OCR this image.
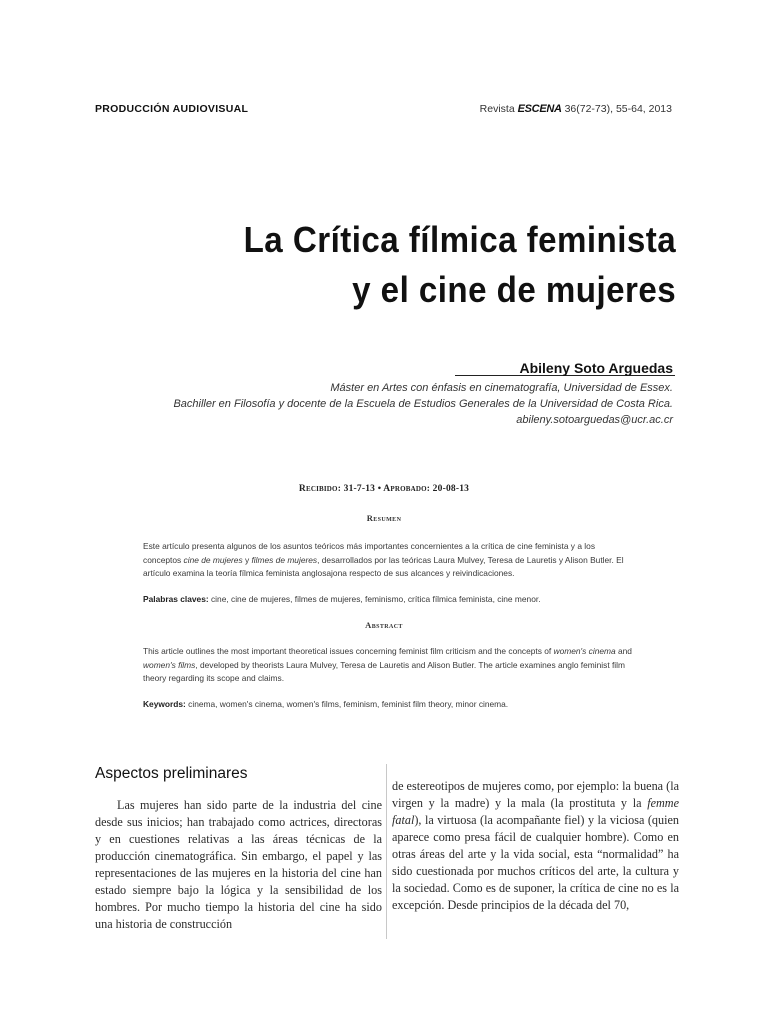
PRODUCCIÓN AUDIOVISUAL	Revista ESCENA 36(72-73), 55-64, 2013
La Crítica fílmica feminista
y el cine de mujeres
Abileny Soto Arguedas
Máster en Artes con énfasis en cinematografía, Universidad de Essex.
Bachiller en Filosofía y docente de la Escuela de Estudios Generales de la Universidad de Costa Rica.
abileny.sotoarguedas@ucr.ac.cr
Recibido: 31-7-13 • Aprobado: 20-08-13
Resumen
Este artículo presenta algunos de los asuntos teóricos más importantes concernientes a la crítica de cine feminista y a los conceptos cine de mujeres y filmes de mujeres, desarrollados por las teóricas Laura Mulvey, Teresa de Lauretis y Alison Butler. El artículo examina la teoría fílmica feminista anglosajona respecto de sus alcances y reivindicaciones.
Palabras claves: cine, cine de mujeres, filmes de mujeres, feminismo, crítica fílmica feminista, cine menor.
Abstract
This article outlines the most important theoretical issues concerning feminist film criticism and the concepts of women's cinema and women's films, developed by theorists Laura Mulvey, Teresa de Lauretis and Alison Butler. The article examines anglo feminist film theory regarding its scope and claims.
Keywords: cinema, women's cinema, women's films, feminism, feminist film theory, minor cinema.
Aspectos preliminares
Las mujeres han sido parte de la industria del cine desde sus inicios; han trabajado como actrices, directoras y en cuestiones relativas a las áreas técnicas de la producción cinematográfica. Sin embargo, el papel y las representaciones de las mujeres en la historia del cine han estado siempre bajo la lógica y la sensibilidad de los hombres. Por mucho tiempo la historia del cine ha sido una historia de construcción
de estereotipos de mujeres como, por ejemplo: la buena (la virgen y la madre) y la mala (la prostituta y la femme fatal), la virtuosa (la acompañante fiel) y la viciosa (quien aparece como presa fácil de cualquier hombre). Como en otras áreas del arte y la vida social, esta “normalidad” ha sido cuestionada por muchos críticos del arte, la cultura y la sociedad. Como es de suponer, la crítica de cine no es la excepción. Desde principios de la década del 70,
